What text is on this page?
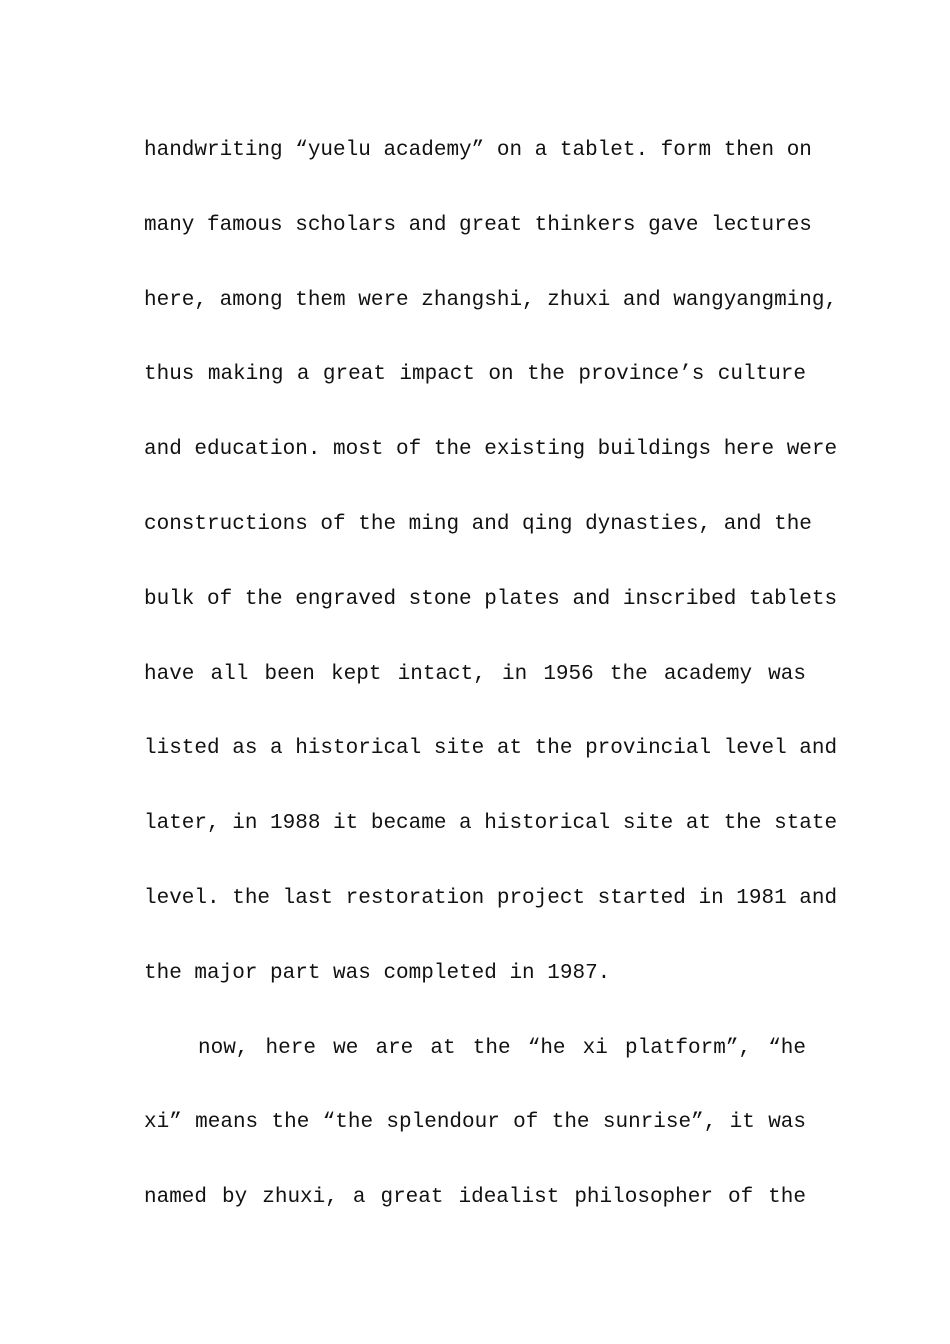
handwriting “yuelu academy” on a tablet. form then on
many famous scholars and great thinkers gave lectures
here, among them were zhangshi, zhuxi and wangyangming,
thus making a great impact on the province’s culture
and education. most of the existing buildings here were
constructions of the ming and qing dynasties, and the
bulk of the engraved stone plates and inscribed tablets
have all been kept intact, in 1956 the academy was
listed as a historical site at the provincial level and
later, in 1988 it became a historical site at the state
level. the last restoration project started in 1981 and
the major part was completed in 1987.
now, here we are at the “he xi platform”, “he
xi” means the “the splendour of the sunrise”, it was
named by zhuxi, a great idealist philosopher of the
